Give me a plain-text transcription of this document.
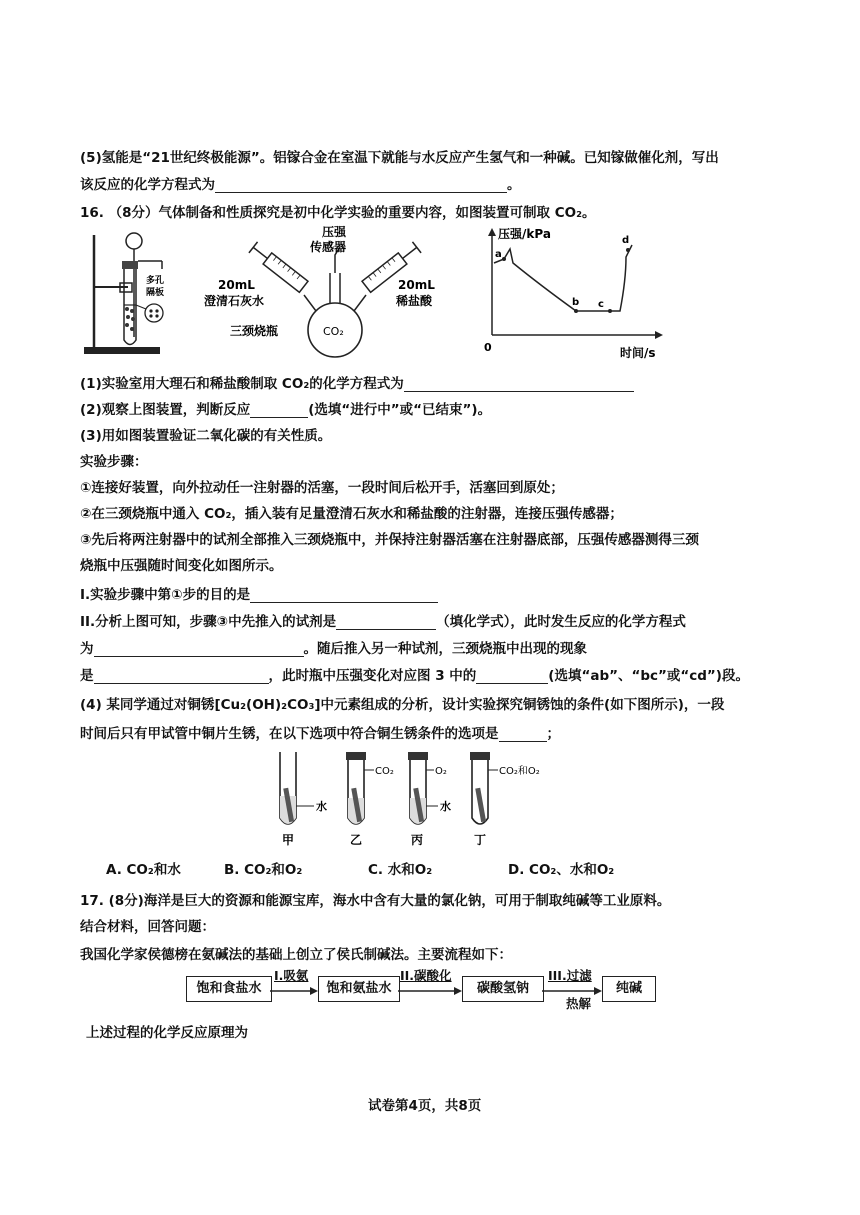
(5)氢能是“21世纪终极能源”。铝镓合金在室温下就能与水反应产生氢气和一种碱。已知镓做催化剂，写出
该反应的化学方程式为	。
16. （8分）气体制备和性质探究是初中化学实验的重要内容，如图装置可制取 CO₂。
多孔
隔板
压强
传感器
20mL
澄清石灰水
20mL
稀盐酸
三颈烧瓶	CO₂
压强/kPa
时间/s
0
a
b c
d
(1)实验室用大理石和稀盐酸制取 CO₂的化学方程式为
(2)观察上图装置，判断反应	(选填“进行中”或“已结束”)。
(3)用如图装置验证二氧化碳的有关性质。
实验步骤：
①连接好装置，向外拉动任一注射器的活塞，一段时间后松开手，活塞回到原处；
②在三颈烧瓶中通入 CO₂，插入装有足量澄清石灰水和稀盐酸的注射器，连接压强传感器；
③先后将两注射器中的试剂全部推入三颈烧瓶中，并保持注射器活塞在注射器底部，压强传感器测得三颈
烧瓶中压强随时间变化如图所示。
I.实验步骤中第①步的目的是
II.分析上图可知，步骤③中先推入的试剂是	（填化学式），此时发生反应的化学方程式
为	。随后推入另一种试剂，三颈烧瓶中出现的现象
是	，此时瓶中压强变化对应图 3 中的	(选填“ab”、“bc”或“cd”)段。
(4) 某同学通过对铜锈[Cu₂(OH)₂CO₃]中元素组成的分析，设计实验探究铜锈蚀的条件(如下图所示)，一段
时间后只有甲试管中铜片生锈，在以下选项中符合铜生锈条件的选项是	；
水
CO₂	O₂
水
CO₂和O₂
甲	乙	丙	丁
A. CO₂和水	B. CO₂和O₂	C. 水和O₂	D. CO₂、水和O₂
17. (8分)海洋是巨大的资源和能源宝库，海水中含有大量的氯化钠，可用于制取纯碱等工业原料。
结合材料，回答问题：
我国化学家侯德榜在氨碱法的基础上创立了侯氏制碱法。主要流程如下：
饱和食盐水
I.吸氨
饱和氨盐水
II.碳酸化
碳酸氢钠
III.过滤
热解
纯碱
上述过程的化学反应原理为
试卷第4页，共8页
